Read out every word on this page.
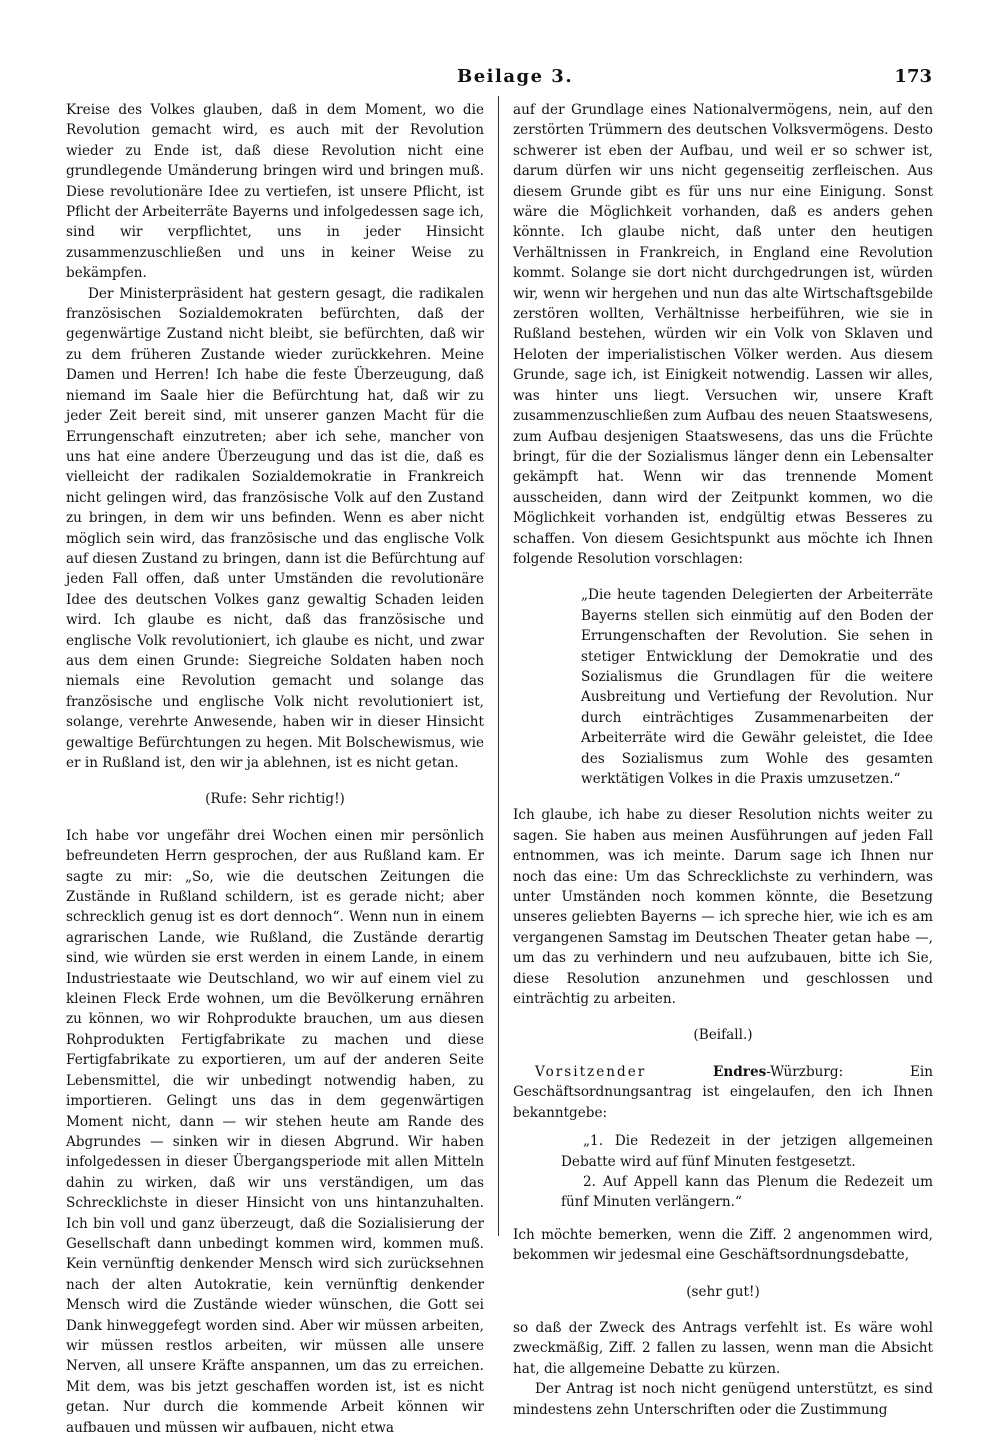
Beilage 3.	173

Kreise des Volkes glauben, daß in dem Moment, wo die Revolution gemacht wird, es auch mit der Revolution wieder zu Ende ist, daß diese Revolution nicht eine grundlegende Umänderung bringen wird und bringen muß. Diese revolutionäre Idee zu vertiefen, ist unsere Pflicht, ist Pflicht der Arbeiterräte Bayerns und infolgedessen sage ich, sind wir verpflichtet, uns in jeder Hinsicht zusammenzuschließen und uns in keiner Weise zu bekämpfen.

Der Ministerpräsident hat gestern gesagt, die radikalen französischen Sozialdemokraten befürchten, daß der gegenwärtige Zustand nicht bleibt, sie befürchten, daß wir zu dem früheren Zustande wieder zurückkehren. Meine Damen und Herren! Ich habe die feste Überzeugung, daß niemand im Saale hier die Befürchtung hat, daß wir zu jeder Zeit bereit sind, mit unserer ganzen Macht für die Errungenschaft einzutreten; aber ich sehe, mancher von uns hat eine andere Überzeugung und das ist die, daß es vielleicht der radikalen Sozialdemokratie in Frankreich nicht gelingen wird, das französische Volk auf den Zustand zu bringen, in dem wir uns befinden. Wenn es aber nicht möglich sein wird, das französische und das englische Volk auf diesen Zustand zu bringen, dann ist die Befürchtung auf jeden Fall offen, daß unter Umständen die revolutionäre Idee des deutschen Volkes ganz gewaltig Schaden leiden wird. Ich glaube es nicht, daß das französische und englische Volk revolutioniert, ich glaube es nicht, und zwar aus dem einen Grunde: Siegreiche Soldaten haben noch niemals eine Revolution gemacht und solange das französische und englische Volk nicht revolutioniert ist, solange, verehrte Anwesende, haben wir in dieser Hinsicht gewaltige Befürchtungen zu hegen. Mit Bolschewismus, wie er in Rußland ist, den wir ja ablehnen, ist es nicht getan.

(Rufe: Sehr richtig!)

Ich habe vor ungefähr drei Wochen einen mir persönlich befreundeten Herrn gesprochen, der aus Rußland kam. Er sagte zu mir: „So, wie die deutschen Zeitungen die Zustände in Rußland schildern, ist es gerade nicht; aber schrecklich genug ist es dort dennoch“. Wenn nun in einem agrarischen Lande, wie Rußland, die Zustände derartig sind, wie würden sie erst werden in einem Lande, in einem Industriestaate wie Deutschland, wo wir auf einem viel zu kleinen Fleck Erde wohnen, um die Bevölkerung ernähren zu können, wo wir Rohprodukte brauchen, um aus diesen Rohprodukten Fertigfabrikate zu machen und diese Fertigfabrikate zu exportieren, um auf der anderen Seite Lebensmittel, die wir unbedingt notwendig haben, zu importieren. Gelingt uns das in dem gegenwärtigen Moment nicht, dann — wir stehen heute am Rande des Abgrundes — sinken wir in diesen Abgrund. Wir haben infolgedessen in dieser Übergangsperiode mit allen Mitteln dahin zu wirken, daß wir uns verständigen, um das Schrecklichste in dieser Hinsicht von uns hintanzuhalten. Ich bin voll und ganz überzeugt, daß die Sozialisierung der Gesellschaft dann unbedingt kommen wird, kommen muß. Kein vernünftig denkender Mensch wird sich zurücksehnen nach der alten Autokratie, kein vernünftig denkender Mensch wird die Zustände wieder wünschen, die Gott sei Dank hinweggefegt worden sind. Aber wir müssen arbeiten, wir müssen restlos arbeiten, wir müssen alle unsere Nerven, all unsere Kräfte anspannen, um das zu erreichen. Mit dem, was bis jetzt geschaffen worden ist, ist es nicht getan. Nur durch die kommende Arbeit können wir aufbauen und müssen wir aufbauen, nicht etwa

auf der Grundlage eines Nationalvermögens, nein, auf den zerstörten Trümmern des deutschen Volksvermögens. Desto schwerer ist eben der Aufbau, und weil er so schwer ist, darum dürfen wir uns nicht gegenseitig zerfleischen. Aus diesem Grunde gibt es für uns nur eine Einigung. Sonst wäre die Möglichkeit vorhanden, daß es anders gehen könnte. Ich glaube nicht, daß unter den heutigen Verhältnissen in Frankreich, in England eine Revolution kommt. Solange sie dort nicht durchgedrungen ist, würden wir, wenn wir hergehen und nun das alte Wirtschaftsgebilde zerstören wollten, Verhältnisse herbeiführen, wie sie in Rußland bestehen, würden wir ein Volk von Sklaven und Heloten der imperialistischen Völker werden. Aus diesem Grunde, sage ich, ist Einigkeit notwendig. Lassen wir alles, was hinter uns liegt. Versuchen wir, unsere Kraft zusammenzuschließen zum Aufbau des neuen Staatswesens, zum Aufbau desjenigen Staatswesens, das uns die Früchte bringt, für die der Sozialismus länger denn ein Lebensalter gekämpft hat. Wenn wir das trennende Moment ausscheiden, dann wird der Zeitpunkt kommen, wo die Möglichkeit vorhanden ist, endgültig etwas Besseres zu schaffen. Von diesem Gesichtspunkt aus möchte ich Ihnen folgende Resolution vorschlagen:

„Die heute tagenden Delegierten der Arbeiterräte Bayerns stellen sich einmütig auf den Boden der Errungenschaften der Revolution. Sie sehen in stetiger Entwicklung der Demokratie und des Sozialismus die Grundlagen für die weitere Ausbreitung und Vertiefung der Revolution. Nur durch einträchtiges Zusammenarbeiten der Arbeiterräte wird die Gewähr geleistet, die Idee des Sozialismus zum Wohle des gesamten werktätigen Volkes in die Praxis umzusetzen.“

Ich glaube, ich habe zu dieser Resolution nichts weiter zu sagen. Sie haben aus meinen Ausführungen auf jeden Fall entnommen, was ich meinte. Darum sage ich Ihnen nur noch das eine: Um das Schrecklichste zu verhindern, was unter Umständen noch kommen könnte, die Besetzung unseres geliebten Bayerns — ich spreche hier, wie ich es am vergangenen Samstag im Deutschen Theater getan habe —, um das zu verhindern und neu aufzubauen, bitte ich Sie, diese Resolution anzunehmen und geschlossen und einträchtig zu arbeiten.

(Beifall.)

Vorsitzender	Endres-Würzburg: Ein Geschäftsordnungsantrag ist eingelaufen, den ich Ihnen bekanntgebe:

„1. Die Redezeit in der jetzigen allgemeinen Debatte wird auf fünf Minuten festgesetzt.

2. Auf Appell kann das Plenum die Redezeit um fünf Minuten verlängern.“

Ich möchte bemerken, wenn die Ziff. 2 angenommen wird, bekommen wir jedesmal eine Geschäftsordnungsdebatte,

(sehr gut!)

so daß der Zweck des Antrags verfehlt ist. Es wäre wohl zweckmäßig, Ziff. 2 fallen zu lassen, wenn man die Absicht hat, die allgemeine Debatte zu kürzen.

Der Antrag ist noch nicht genügend unterstützt, es sind mindestens zehn Unterschriften oder die Zustimmung
